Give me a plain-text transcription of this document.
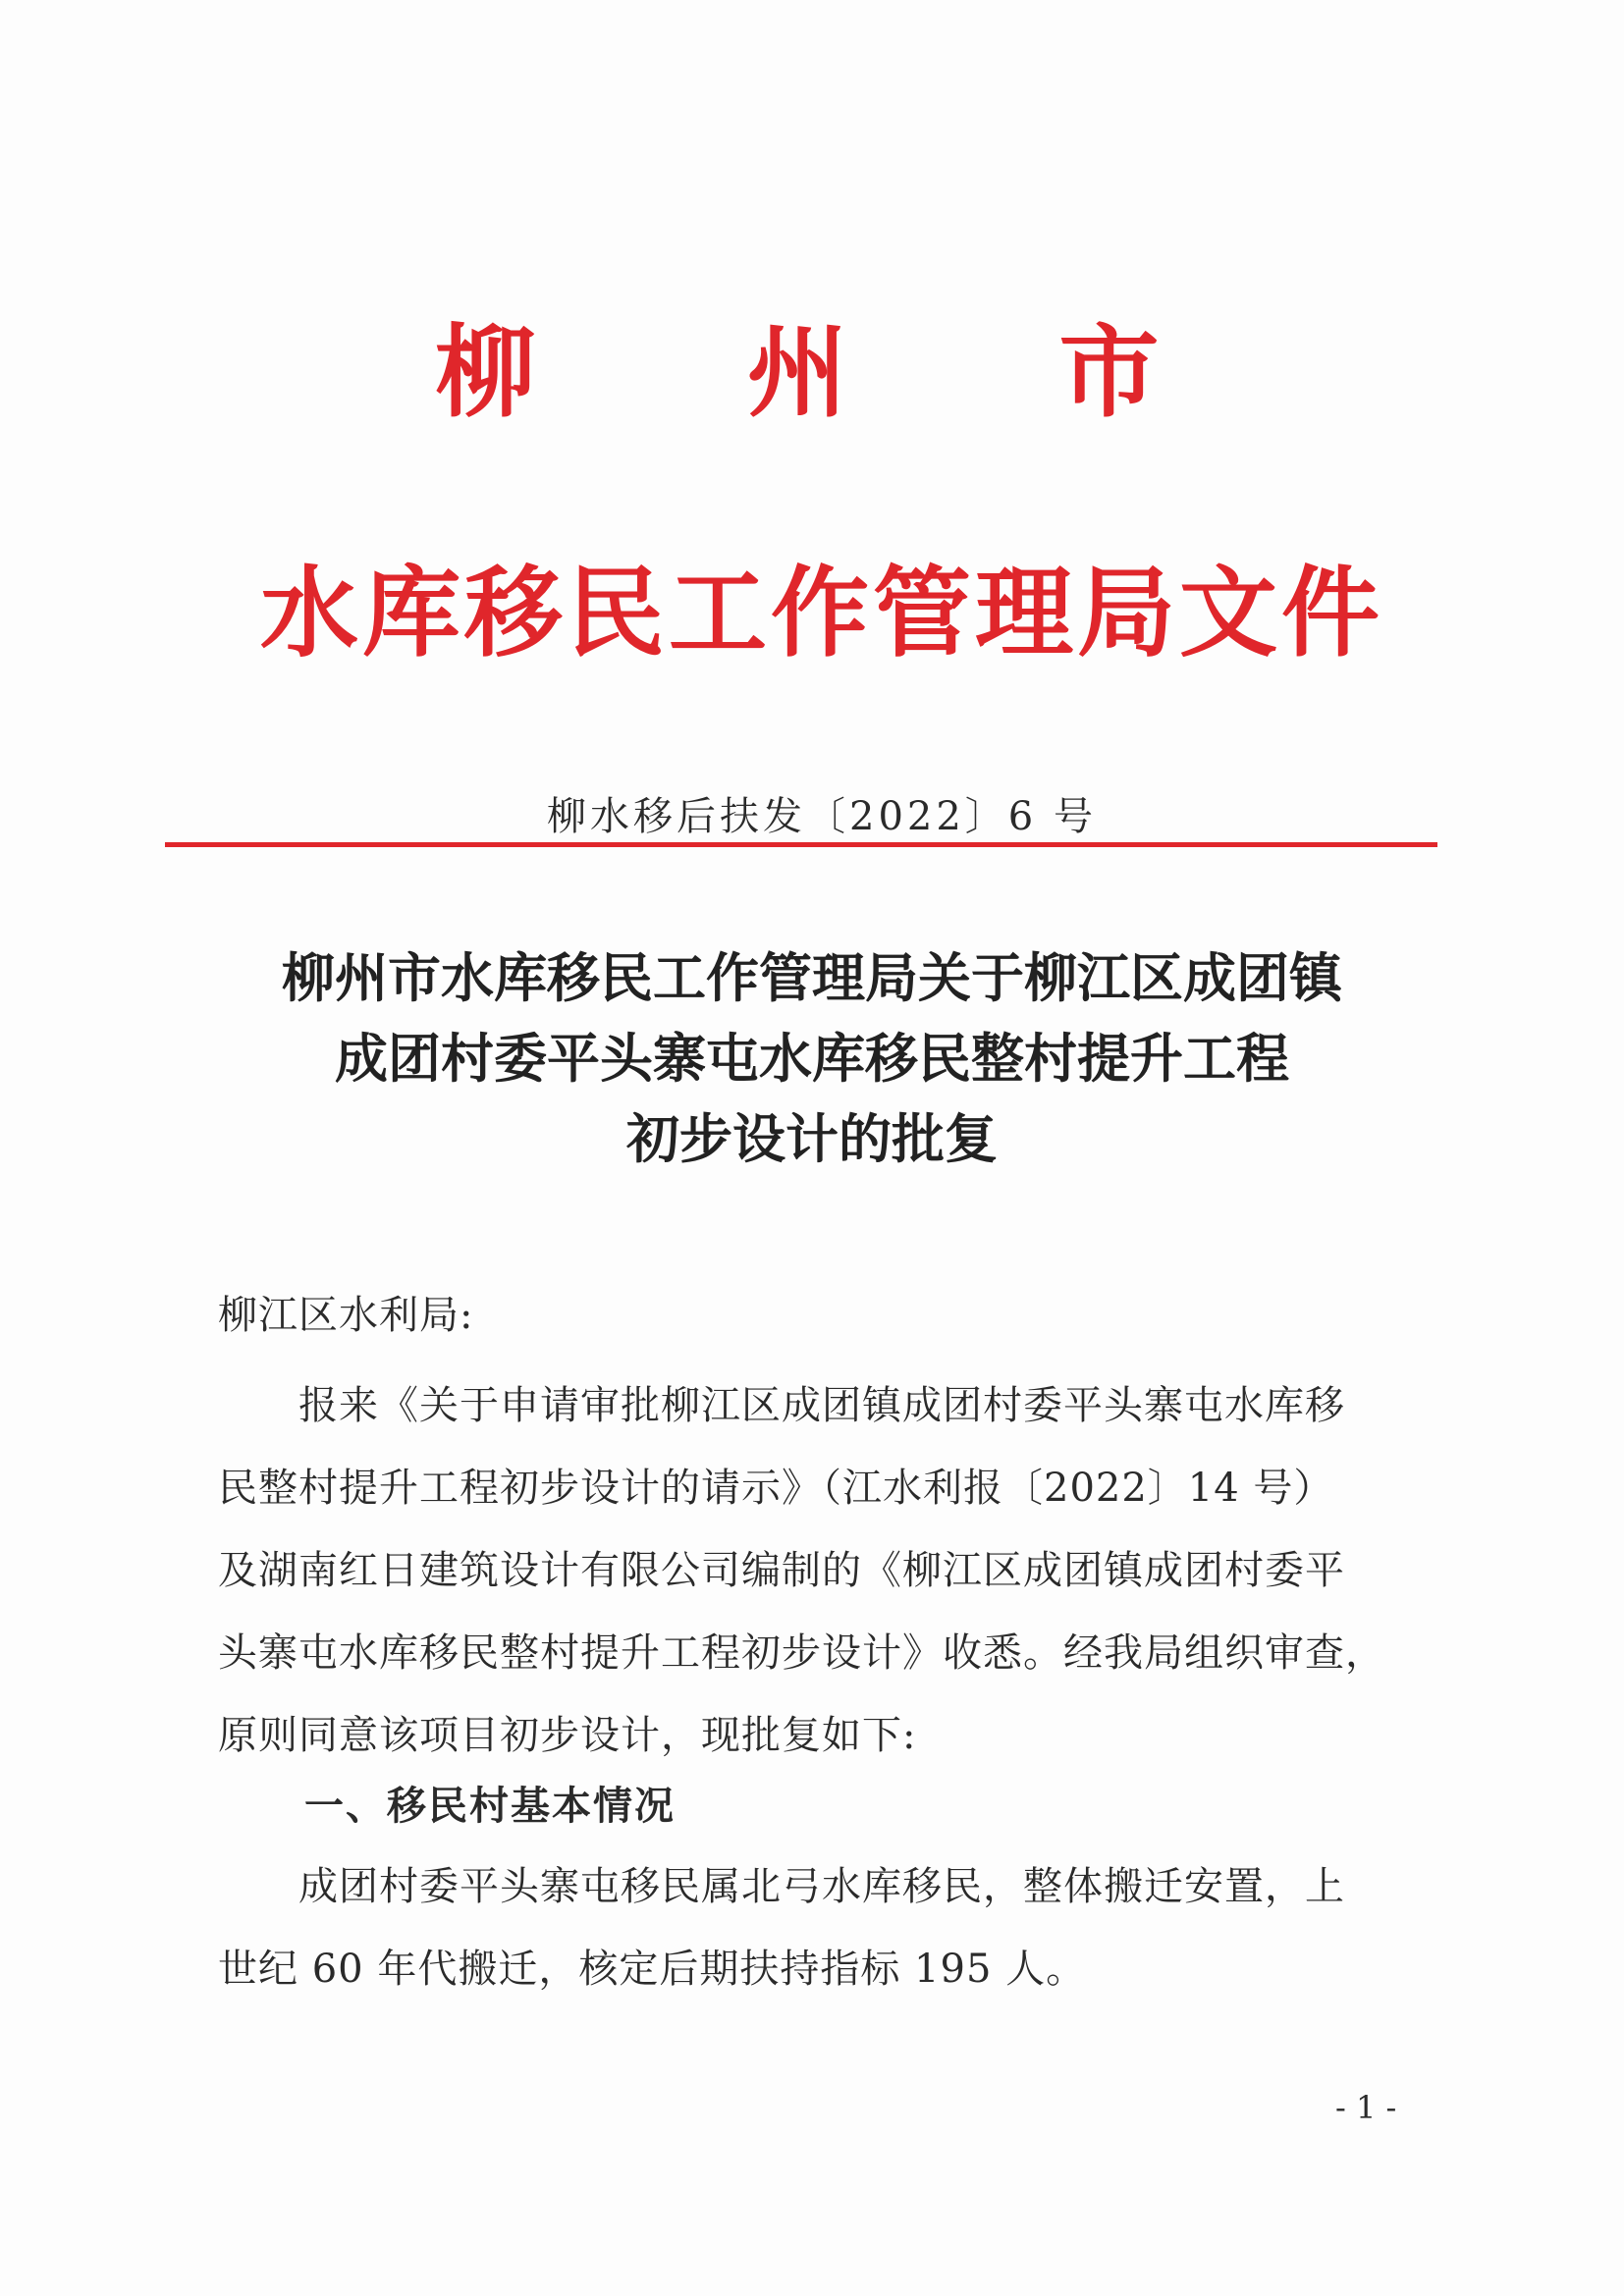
柳 州 市
水库移民工作管理局文件
柳水移后扶发〔2022〕6 号
柳州市水库移民工作管理局关于柳江区成团镇
成团村委平头寨屯水库移民整村提升工程
初步设计的批复
柳江区水利局:
　　报来《关于申请审批柳江区成团镇成团村委平头寨屯水库移
民整村提升工程初步设计的请示》（江水利报〔2022〕14 号）
及湖南红日建筑设计有限公司编制的《柳江区成团镇成团村委平
头寨屯水库移民整村提升工程初步设计》收悉。经我局组织审查，
原则同意该项目初步设计，现批复如下:
一、移民村基本情况
　　成团村委平头寨屯移民属北弓水库移民，整体搬迁安置，上
世纪 60 年代搬迁，核定后期扶持指标 195 人。
- 1 -
